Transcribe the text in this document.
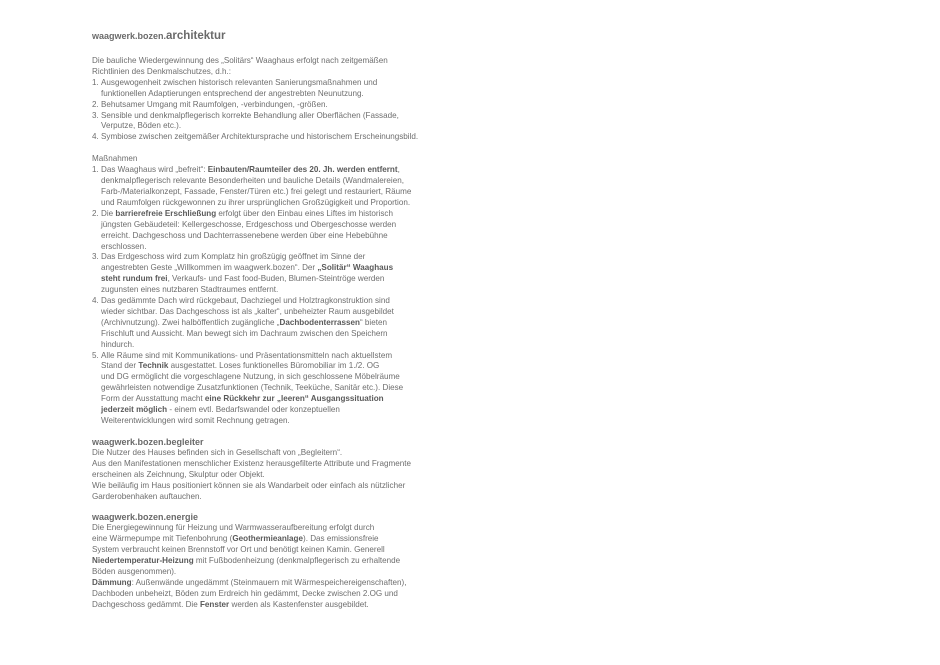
waagwerk.bozen.architektur

Die bauliche Wiedergewinnung des „Solitärs“ Waaghaus erfolgt nach zeitgemäßen
Richtlinien des Denkmalschutzes, d.h.:

1. Ausgewogenheit zwischen historisch relevanten Sanierungsmaßnahmen und
funktionellen Adaptierungen entsprechend der angestrebten Neunutzung.
2. Behutsamer Umgang mit Raumfolgen, -verbindungen, -größen.
3. Sensible und denkmalpflegerisch korrekte Behandlung aller Oberflächen (Fassade,
Verputze, Böden etc.).
4. Symbiose zwischen zeitgemäßer Architektursprache und historischem Erscheinungsbild.

Maßnahmen

1. Das Waaghaus wird „befreit“: Einbauten/Raumteiler des 20. Jh. werden entfernt,
denkmalpflegerisch relevante Besonderheiten und bauliche Details (Wandmalereien,
Farb-/Materialkonzept, Fassade, Fenster/Türen etc.) frei gelegt und restauriert, Räume
und Raumfolgen rückgewonnen zu ihrer ursprünglichen Großzügigkeit und Proportion.
2. Die barrierefreie Erschließung erfolgt über den Einbau eines Liftes im historisch
jüngsten Gebäudeteil: Kellergeschosse, Erdgeschoss und Obergeschosse werden
erreicht. Dachgeschoss und Dachterrassenebene werden über eine Hebebühne
erschlossen.
3. Das Erdgeschoss wird zum Komplatz hin großzügig geöffnet im Sinne der
angestrebten Geste „Willkommen im waagwerk.bozen“. Der „Solitär“ Waaghaus
steht rundum frei, Verkaufs- und Fast food-Buden, Blumen-Steintröge werden
zugunsten eines nutzbaren Stadtraumes entfernt.
4. Das gedämmte Dach wird rückgebaut, Dachziegel und Holztragkonstruktion sind
wieder sichtbar. Das Dachgeschoss ist als „kalter“, unbeheizter Raum ausgebildet
(Archivnutzung). Zwei halböffentlich zugängliche „Dachbodenterrassen“ bieten
Frischluft und Aussicht. Man bewegt sich im Dachraum zwischen den Speichern
hindurch.
5. Alle Räume sind mit Kommunikations- und Präsentationsmitteln nach aktuellstem
Stand der Technik ausgestattet. Loses funktionelles Büromobiliar im 1./2. OG
und DG ermöglicht die vorgeschlagene Nutzung, in sich geschlossene Möbelräume
gewährleisten notwendige Zusatzfunktionen (Technik, Teeküche, Sanitär etc.). Diese
Form der Ausstattung macht eine Rückkehr zur „leeren“ Ausgangssituation
jederzeit möglich - einem evtl. Bedarfswandel oder konzeptuellen
Weiterentwicklungen wird somit Rechnung getragen.
waagwerk.bozen.begleiter

Die Nutzer des Hauses befinden sich in Gesellschaft von „Begleitern“.
Aus den Manifestationen menschlicher Existenz herausgefilterte Attribute und Fragmente
erscheinen als Zeichnung, Skulptur oder Objekt.
Wie beiläufig im Haus positioniert können sie als Wandarbeit oder einfach als nützlicher
Garderobenhaken auftauchen.

waagwerk.bozen.energie

Die Energiegewinnung für Heizung und Warmwasseraufbereitung erfolgt durch
eine Wärmepumpe mit Tiefenbohrung (Geothermieanlage). Das emissionsfreie
System verbraucht keinen Brennstoff vor Ort und benötigt keinen Kamin. Generell
Niedertemperatur-Heizung mit Fußbodenheizung (denkmalpflegerisch zu erhaltende
Böden ausgenommen).
Dämmung: Außenwände ungedämmt (Steinmauern mit Wärmespeichereigenschaften),
Dachboden unbeheizt, Böden zum Erdreich hin gedämmt, Decke zwischen 2.OG und
Dachgeschoss gedämmt. Die Fenster werden als Kastenfenster ausgebildet.
